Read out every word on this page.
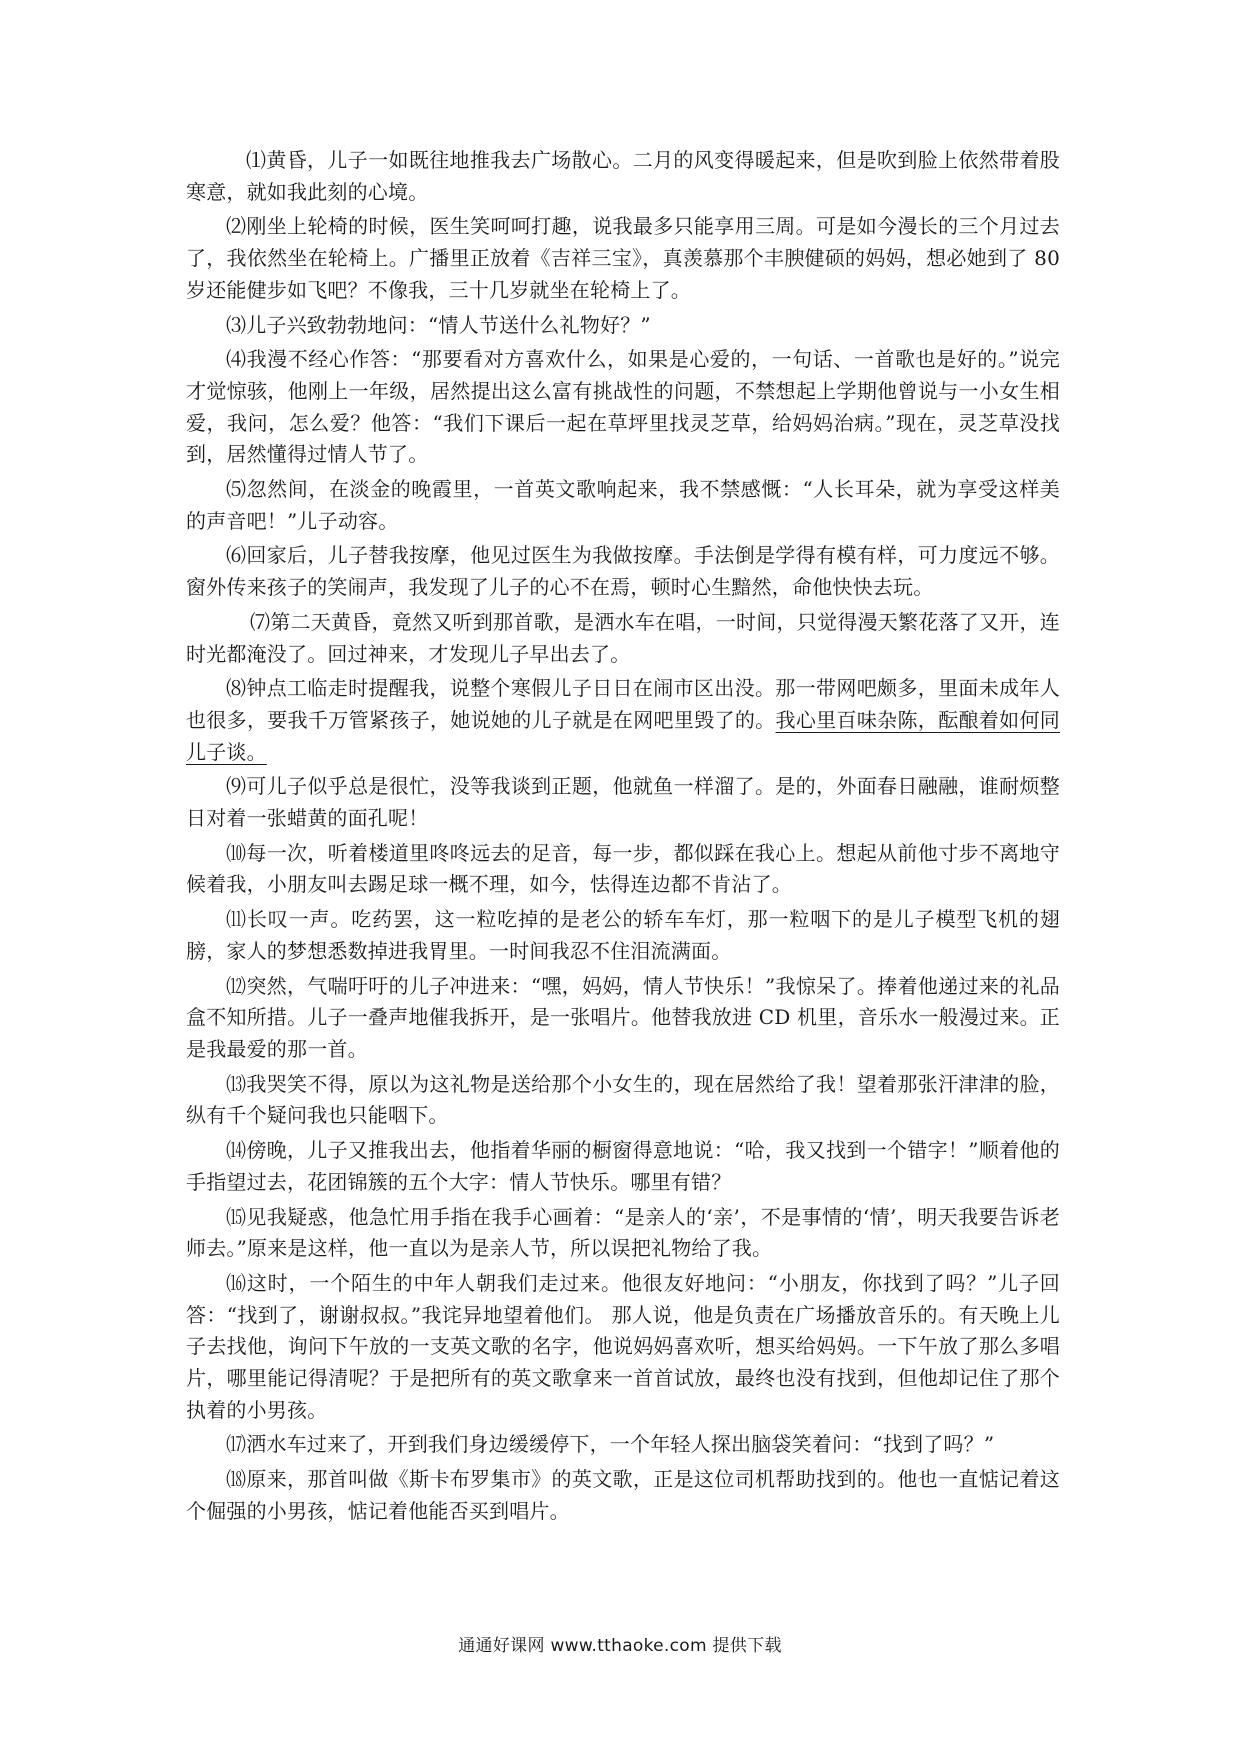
⑴黄昏，儿子一如既往地推我去广场散心。二月的风变得暖起来，但是吹到脸上依然带着股寒意，就如我此刻的心境。

⑵刚坐上轮椅的时候，医生笑呵呵打趣，说我最多只能享用三周。可是如今漫长的三个月过去了，我依然坐在轮椅上。广播里正放着《吉祥三宝》，真羡慕那个丰腴健硕的妈妈，想必她到了 80 岁还能健步如飞吧？不像我，三十几岁就坐在轮椅上了。

⑶儿子兴致勃勃地问：“情人节送什么礼物好？”

⑷我漫不经心作答：“那要看对方喜欢什么，如果是心爱的，一句话、一首歌也是好的。”说完才觉惊骇，他刚上一年级，居然提出这么富有挑战性的问题，不禁想起上学期他曾说与一小女生相爱，我问，怎么爱？他答：“我们下课后一起在草坪里找灵芝草，给妈妈治病。”现在，灵芝草没找到，居然懂得过情人节了。

⑸忽然间，在淡金的晚霞里，一首英文歌响起来，我不禁感慨：“人长耳朵，就为享受这样美的声音吧！”儿子动容。

⑹回家后，儿子替我按摩，他见过医生为我做按摩。手法倒是学得有模有样，可力度远不够。窗外传来孩子的笑闹声，我发现了儿子的心不在焉，顿时心生黯然，命他快快去玩。

⑺第二天黄昏，竟然又听到那首歌，是洒水车在唱，一时间，只觉得漫天繁花落了又开，连时光都淹没了。回过神来，才发现儿子早出去了。

⑻钟点工临走时提醒我，说整个寒假儿子日日在闹市区出没。那一带网吧颇多，里面未成年人也很多，要我千万管紧孩子，她说她的儿子就是在网吧里毁了的。我心里百味杂陈，酝酿着如何同儿子谈。

⑼可儿子似乎总是很忙，没等我谈到正题，他就鱼一样溜了。是的，外面春日融融，谁耐烦整日对着一张蜡黄的面孔呢！

⑽每一次，听着楼道里咚咚远去的足音，每一步，都似踩在我心上。想起从前他寸步不离地守候着我，小朋友叫去踢足球一概不理，如今，怯得连边都不肯沾了。

⑾长叹一声。吃药罢，这一粒吃掉的是老公的轿车车灯，那一粒咽下的是儿子模型飞机的翅膀，家人的梦想悉数掉进我胃里。一时间我忍不住泪流满面。

⑿突然，气喘吁吁的儿子冲进来：“嘿，妈妈，情人节快乐！”我惊呆了。捧着他递过来的礼品盒不知所措。儿子一叠声地催我拆开，是一张唱片。他替我放进 CD 机里，音乐水一般漫过来。正是我最爱的那一首。

⒀我哭笑不得，原以为这礼物是送给那个小女生的，现在居然给了我！望着那张汗津津的脸，纵有千个疑问我也只能咽下。

⒁傍晚，儿子又推我出去，他指着华丽的橱窗得意地说：“哈，我又找到一个错字！”顺着他的手指望过去，花团锦簇的五个大字：情人节快乐。哪里有错？

⒂见我疑惑，他急忙用手指在我手心画着：“是亲人的‘亲’，不是事情的‘情’，明天我要告诉老师去。”原来是这样，他一直以为是亲人节，所以误把礼物给了我。

⒃这时，一个陌生的中年人朝我们走过来。他很友好地问：“小朋友，你找到了吗？”儿子回答：“找到了，谢谢叔叔。”我诧异地望着他们。 那人说，他是负责在广场播放音乐的。有天晚上儿子去找他，询问下午放的一支英文歌的名字，他说妈妈喜欢听，想买给妈妈。一下午放了那么多唱片，哪里能记得清呢？于是把所有的英文歌拿来一首首试放，最终也没有找到，但他却记住了那个执着的小男孩。

⒄洒水车过来了，开到我们身边缓缓停下，一个年轻人探出脑袋笑着问：“找到了吗？”

⒅原来，那首叫做《斯卡布罗集市》的英文歌，正是这位司机帮助找到的。他也一直惦记着这个倔强的小男孩，惦记着他能否买到唱片。

通通好课网 www.tthaoke.com 提供下载
